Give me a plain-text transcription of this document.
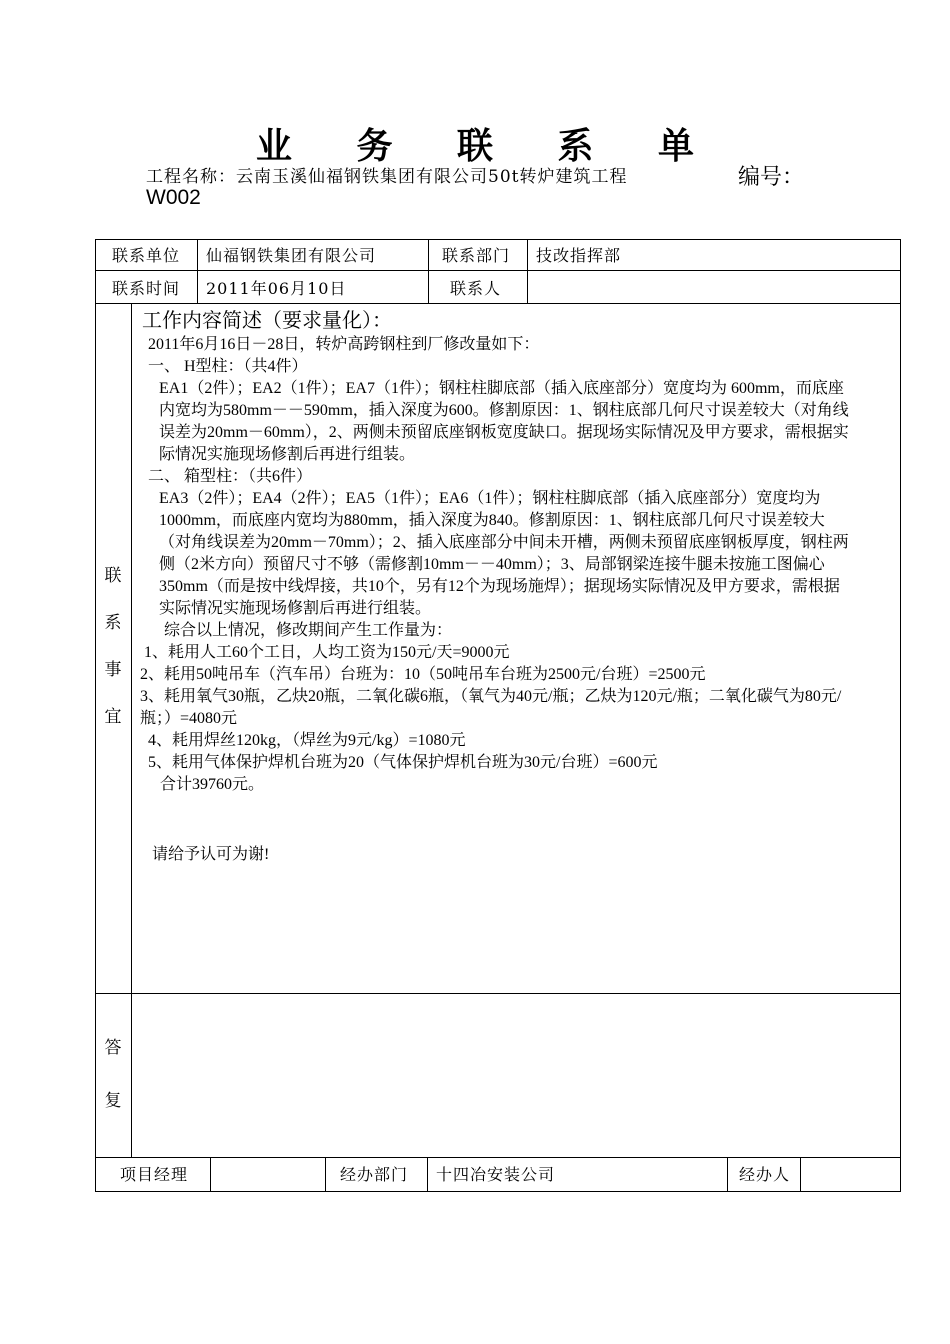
业 务 联 系 单
工程名称：云南玉溪仙福钢铁集团有限公司50t转炉建筑工程	编号：
W002
联系单位 仙福钢铁集团有限公司	联系部门 技改指挥部
联系时间 2011年06月10日	联系人
联
系
事
宜
工作内容简述（要求量化）：

2011年6月16日－28日，转炉高跨钢柱到厂修改量如下：

一、 H型柱：（共4件）

EA1（2件）；EA2（1件）；EA7（1件）；钢柱柱脚底部（插入底座部分）宽度均为 600mm，而底座内宽均为580mm－－590mm，插入深度为600。修割原因：1、钢柱底部几何尺寸误差较大（对角线误差为20mm－60mm），2、两侧未预留底座钢板宽度缺口。据现场实际情况及甲方要求，需根据实际情况实施现场修割后再进行组装。

二、 箱型柱：（共6件）

EA3（2件）；EA4（2件）；EA5（1件）；EA6（1件）；钢柱柱脚底部（插入底座部分）宽度均为 1000mm，而底座内宽均为880mm，插入深度为840。修割原因：1、钢柱底部几何尺寸误差较大（对角线误差为20mm－70mm）；2、插入底座部分中间未开槽，两侧未预留底座钢板厚度，钢柱两侧（2米方向）预留尺寸不够（需修割10mm－－40mm）；3、局部钢梁连接牛腿未按施工图偏心350mm（而是按中线焊接，共10个，另有12个为现场施焊）；据现场实际情况及甲方要求，需根据实际情况实施现场修割后再进行组装。

综合以上情况，修改期间产生工作量为：

1、耗用人工60个工日，人均工资为150元/天=9000元

2、耗用50吨吊车（汽车吊）台班为：10（50吨吊车台班为2500元/台班）=2500元

3、耗用氧气30瓶，乙炔20瓶，二氧化碳6瓶，（氧气为40元/瓶；乙炔为120元/瓶；二氧化碳气为80元/瓶；）=4080元

4、耗用焊丝120kg，（焊丝为9元/kg）=1080元

5、耗用气体保护焊机台班为20（气体保护焊机台班为30元/台班）=600元

合计39760元。

请给予认可为谢!

答
复
项目经理	经办部门 十四冶安装公司	经办人
